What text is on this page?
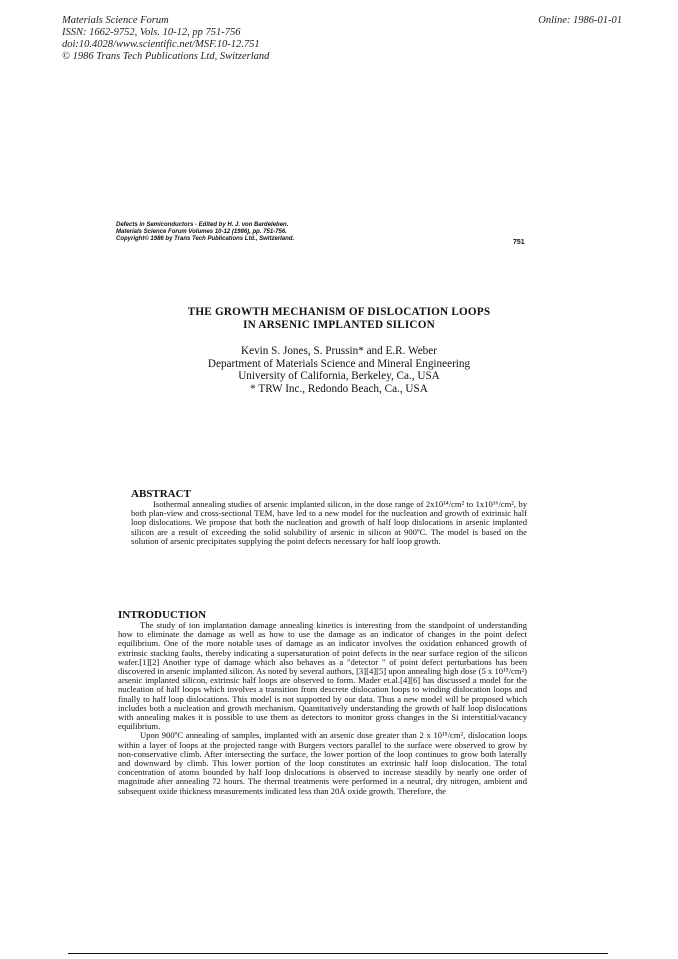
Materials Science Forum
ISSN: 1662-9752, Vols. 10-12, pp 751-756
doi:10.4028/www.scientific.net/MSF.10-12.751
© 1986 Trans Tech Publications Ltd, Switzerland
Online: 1986-01-01
Defects in Semiconductors - Edited by H. J. von Bardeleben.
Materials Science Forum Volumes 10-12 (1986), pp. 751-756.
Copyright© 1986 by Trans Tech Publications Ltd., Switzerland.	751
THE GROWTH MECHANISM OF DISLOCATION LOOPS
IN ARSENIC IMPLANTED SILICON
Kevin S. Jones, S. Prussin* and E.R. Weber
Department of Materials Science and Mineral Engineering
University of California, Berkeley, Ca., USA
* TRW Inc., Redondo Beach, Ca., USA
ABSTRACT

Isothermal annealing studies of arsenic implanted silicon, in the dose range of 2x10¹⁴/cm² to 1x10¹⁶/cm², by both plan-view and cross-sectional TEM, have led to a new model for the nucleation and growth of extrinsic half loop dislocations. We propose that both the nucleation and growth of half loop dislocations in arsenic implanted silicon are a result of exceeding the solid solubility of arsenic in silicon at 900ºC. The model is based on the solution of arsenic precipitates supplying the point defects necessary for half loop growth.

INTRODUCTION

The study of ion implantation damage annealing kinetics is interesting from the standpoint of understanding how to eliminate the damage as well as how to use the damage as an indicator of changes in the point defect equilibrium. One of the more notable uses of damage as an indicator involves the oxidation enhanced growth of extrinsic stacking faults, thereby indicating a supersaturation of point defects in the near surface region of the silicon wafer.[1][2] Another type of damage which also behaves as a "detector " of point defect perturbations has been discovered in arsenic implanted silicon. As noted by several authors, [3][4][5] upon annealing high dose (5 x 10¹⁵/cm²) arsenic implanted silicon, extrinsic half loops are observed to form. Mader et.al.[4][6] has discussed a model for the nucleation of half loops which involves a transition from descrete dislocation loops to winding dislocation loops and finally to half loop dislocations. This model is not supported by our data. Thus a new model will be proposed which includes both a nucleation and growth mechanism. Quantitatively understanding the growth of half loop dislocations with annealing makes it is possible to use them as detectors to monitor gross changes in the Si interstitial/vacancy equilibrium.

Upon 900ºC annealing of samples, implanted with an arsenic dose greater than 2 x 10¹⁵/cm², dislocation loops within a layer of loops at the projected range with Burgers vectors parallel to the surface were observed to grow by non-conservative climb. After intersecting the surface, the lower portion of the loop continues to grow both laterally and downward by climb. This lower portion of the loop constitutes an extrinsic half loop dislocation. The total concentration of atoms bounded by half loop dislocations is observed to increase steadily by nearly one order of magnitude after annealing 72 hours. The thermal treatments were performed in a neutral, dry nitrogen, ambient and subsequent oxide thickness measurements indicated less than 20Å oxide growth. Therefore, the
